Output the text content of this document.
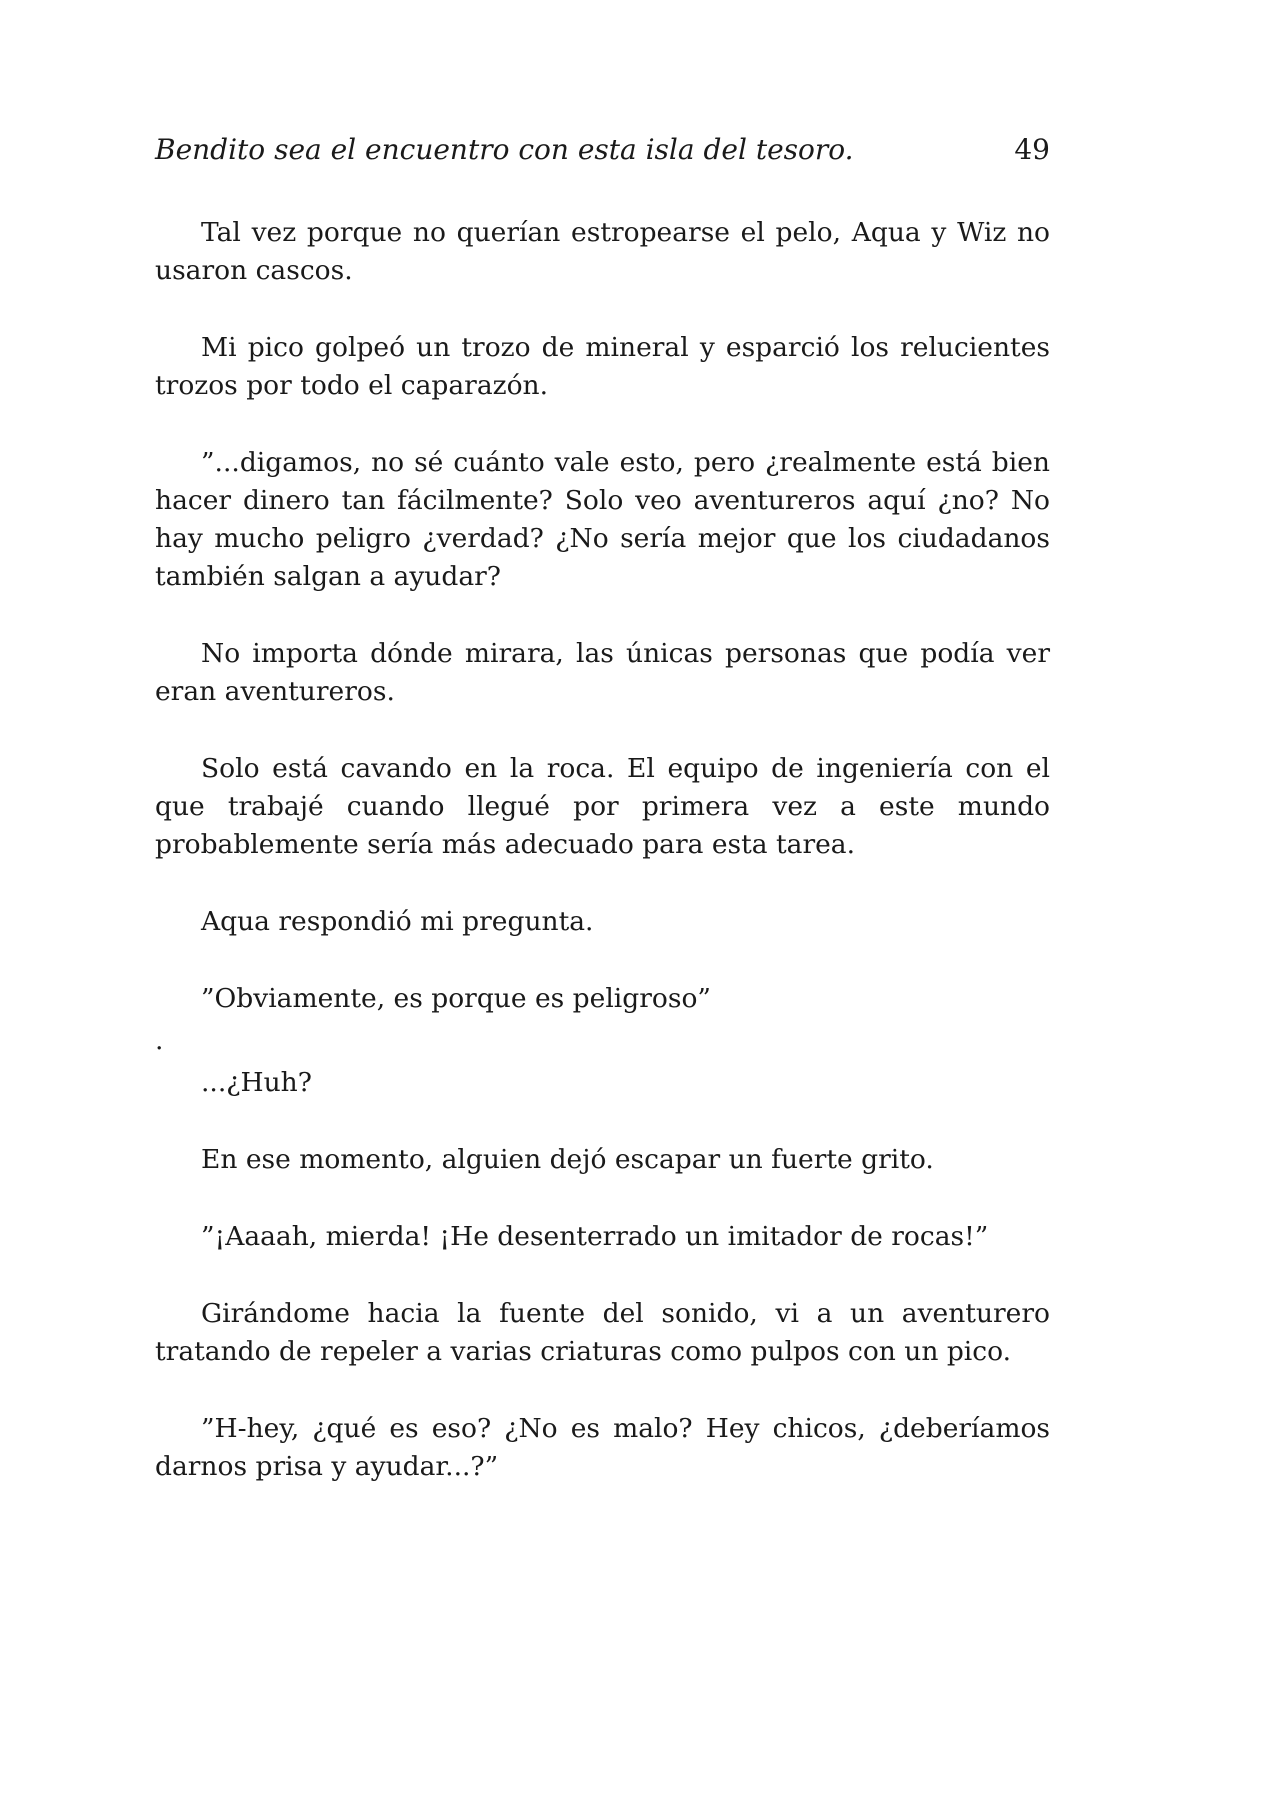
Bendito sea el encuentro con esta isla del tesoro.	49

Tal vez porque no querían estropearse el pelo, Aqua y Wiz no usaron cascos.

Mi pico golpeó un trozo de mineral y esparció los relucientes trozos por todo el caparazón.

”...digamos, no sé cuánto vale esto, pero ¿realmente está bien hacer dinero tan fácilmente? Solo veo aventureros aquí ¿no? No hay mucho peligro ¿verdad? ¿No sería mejor que los ciudadanos también salgan a ayudar?

No importa dónde mirara, las únicas personas que podía ver eran aventureros.

Solo está cavando en la roca. El equipo de ingeniería con el que trabajé cuando llegué por primera vez a este mundo probablemente sería más adecuado para esta tarea.

Aqua respondió mi pregunta.

”Obviamente, es porque es peligroso”

.

...¿Huh?

En ese momento, alguien dejó escapar un fuerte grito.

”¡Aaaah, mierda! ¡He desenterrado un imitador de rocas!”

Girándome hacia la fuente del sonido, vi a un aventurero tratando de repeler a varias criaturas como pulpos con un pico.

”H-hey, ¿qué es eso? ¿No es malo? Hey chicos, ¿deberíamos darnos prisa y ayudar...?”
